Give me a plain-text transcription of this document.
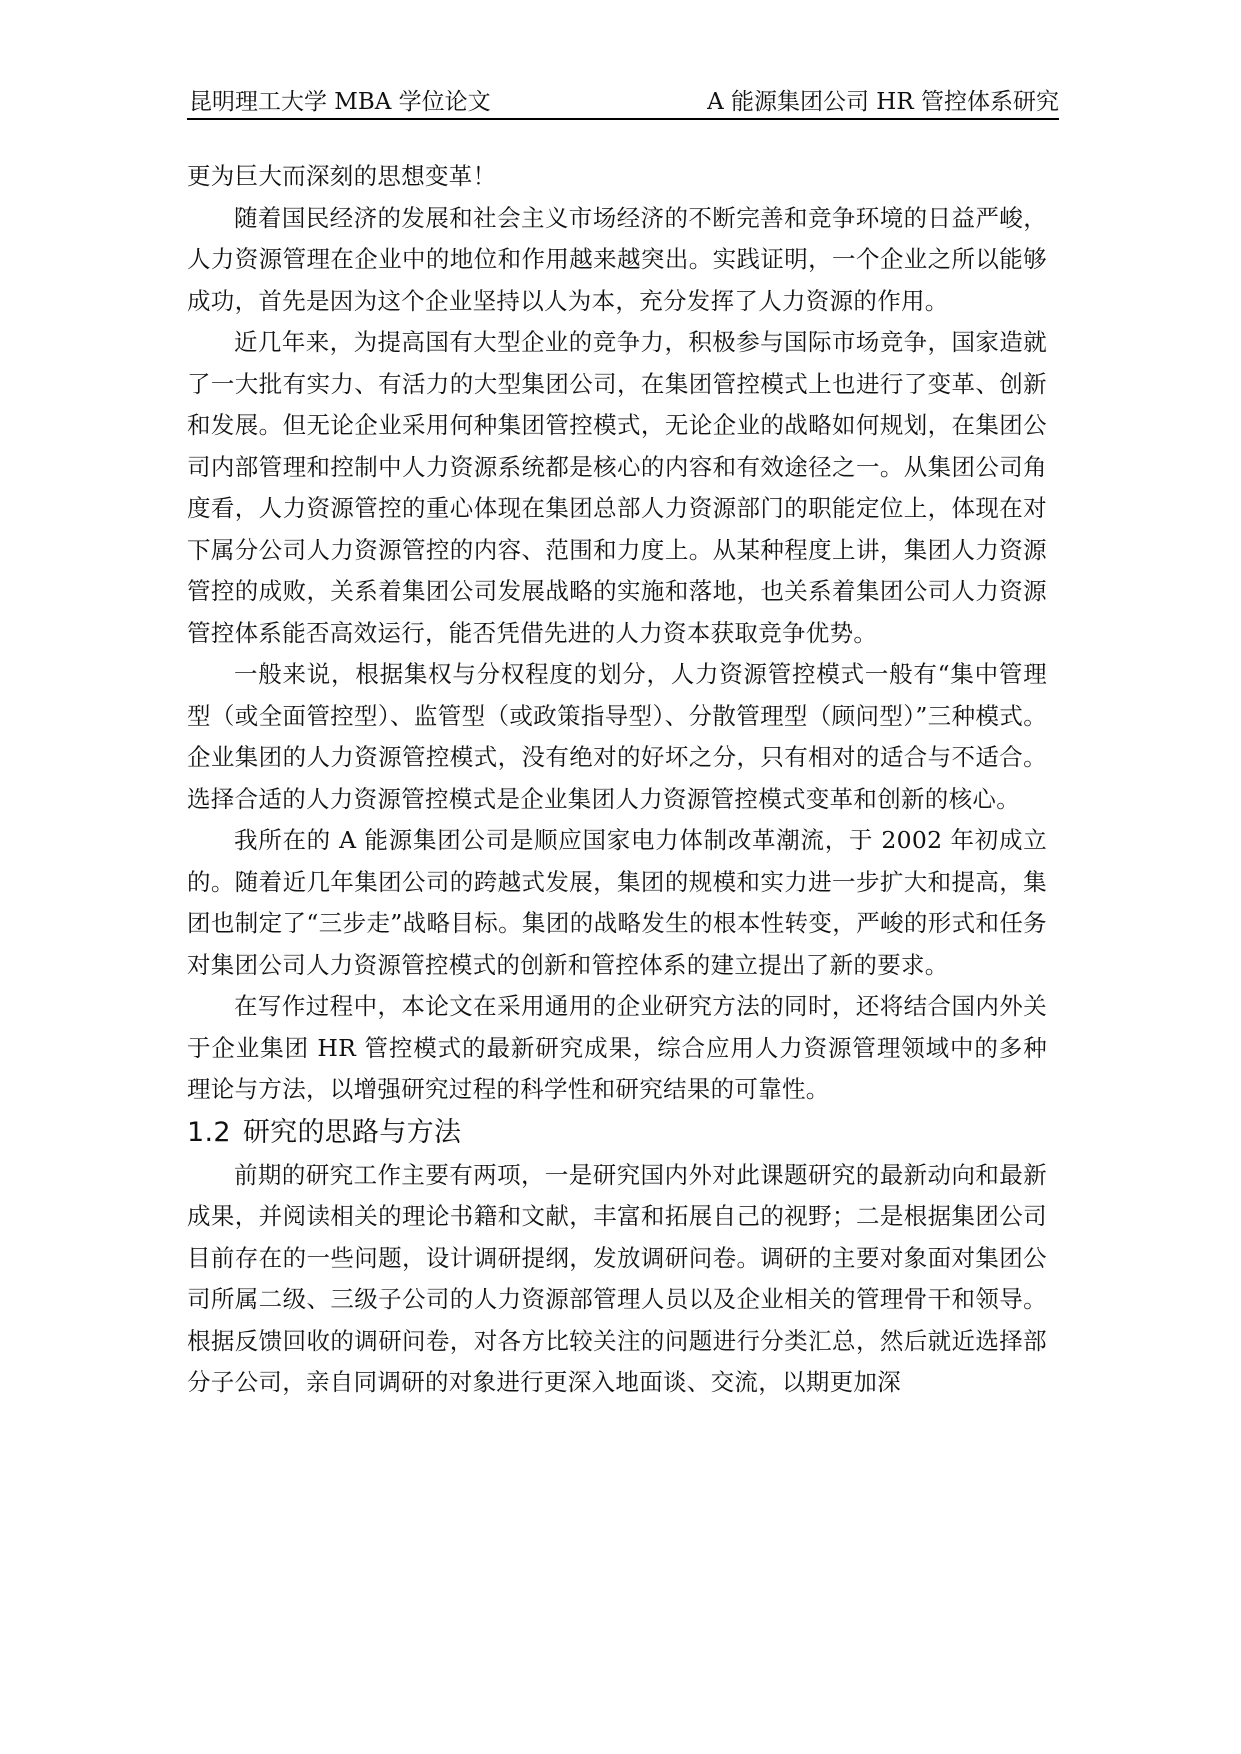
昆明理工大学 MBA 学位论文	A 能源集团公司 HR 管控体系研究

更为巨大而深刻的思想变革！

随着国民经济的发展和社会主义市场经济的不断完善和竞争环境的日益严峻，人力资源管理在企业中的地位和作用越来越突出。实践证明，一个企业之所以能够成功，首先是因为这个企业坚持以人为本，充分发挥了人力资源的作用。

近几年来，为提高国有大型企业的竞争力，积极参与国际市场竞争，国家造就了一大批有实力、有活力的大型集团公司，在集团管控模式上也进行了变革、创新和发展。但无论企业采用何种集团管控模式，无论企业的战略如何规划，在集团公司内部管理和控制中人力资源系统都是核心的内容和有效途径之一。从集团公司角度看，人力资源管控的重心体现在集团总部人力资源部门的职能定位上，体现在对下属分公司人力资源管控的内容、范围和力度上。从某种程度上讲，集团人力资源管控的成败，关系着集团公司发展战略的实施和落地，也关系着集团公司人力资源管控体系能否高效运行，能否凭借先进的人力资本获取竞争优势。

一般来说，根据集权与分权程度的划分，人力资源管控模式一般有“集中管理型（或全面管控型）、监管型（或政策指导型）、分散管理型（顾问型）”三种模式。企业集团的人力资源管控模式，没有绝对的好坏之分，只有相对的适合与不适合。选择合适的人力资源管控模式是企业集团人力资源管控模式变革和创新的核心。

我所在的 A 能源集团公司是顺应国家电力体制改革潮流，于 2002 年初成立的。随着近几年集团公司的跨越式发展，集团的规模和实力进一步扩大和提高，集团也制定了“三步走”战略目标。集团的战略发生的根本性转变，严峻的形式和任务对集团公司人力资源管控模式的创新和管控体系的建立提出了新的要求。

在写作过程中，本论文在采用通用的企业研究方法的同时，还将结合国内外关于企业集团 HR 管控模式的最新研究成果，综合应用人力资源管理领域中的多种理论与方法，以增强研究过程的科学性和研究结果的可靠性。

1.2 研究的思路与方法

前期的研究工作主要有两项，一是研究国内外对此课题研究的最新动向和最新成果，并阅读相关的理论书籍和文献，丰富和拓展自己的视野；二是根据集团公司目前存在的一些问题，设计调研提纲，发放调研问卷。调研的主要对象面对集团公司所属二级、三级子公司的人力资源部管理人员以及企业相关的管理骨干和领导。根据反馈回收的调研问卷，对各方比较关注的问题进行分类汇总，然后就近选择部分子公司，亲自同调研的对象进行更深入地面谈、交流，以期更加深
